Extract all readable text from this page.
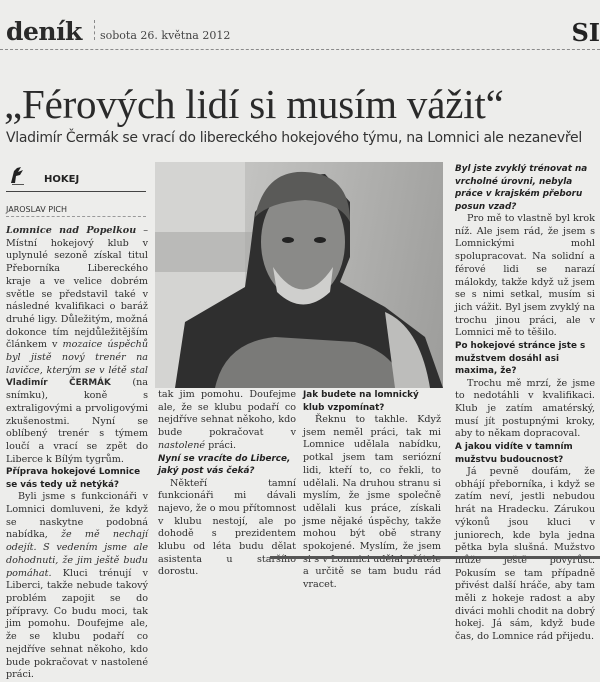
deník sobota 26. května 2012	SI
„Férových lidí si musím vážit“
Vladimír Čermák se vrací do libereckého hokejového týmu, na Lomnici ale nezanevřel
HOKEJ
JAROSLAV PICH

Lomnice nad Popelkou – Místní hokejový klub v uplynulé sezoně získal titul Přeborníka Libereckého kraje a ve velice dobrém světle se představil také v následné kvalifikaci o baráž druhé ligy. Důležitým, možná dokonce tím nejdůležitějším článkem v mozaice úspěchů byl jistě nový trenér na lavičce, kterým se v létě stal Vladimír ČERMÁK (na snímku), koně s extraligovými a prvoligovými zkušenostmi. Nyní se oblíbený trenér s týmem loučí a vrací se zpět do Liberce k Bílým tygrům.

Příprava hokejové Lomnice se vás tedy už netýká?

Byli jsme s funkcionáři v Lomnici domluveni, že když se naskytne podobná nabídka, že mě nechají odejít. S vedením jsme ale dohodnuti, že jim ještě budu pomáhat. Kluci trénují v Liberci, takže nebude takový problém zapojit se do přípravy. Co budu moci, tak jim pomohu. Doufejme ale, že se klubu podaří co nejdříve sehnat někoho, kdo bude pokračovat v nastolené práci.

tak jim pomohu. Doufejme ale, že se klubu podaří co nejdříve sehnat někoho, kdo bude pokračovat v nastolené práci.

Nyní se vracíte do Liberce, jaký post vás čeká?

Někteří tamní funkcionáři mi dávali najevo, že o mou přítomnost v klubu nestojí, ale po dohodě s prezidentem klubu od léta budu dělat asistenta u staršího dorostu.

Jak budete na lomnický klub vzpomínat?

Řeknu to takhle. Když jsem neměl práci, tak mi Lomnice udělala nabídku, potkal jsem tam seriózní lidi, kteří to, co řekli, to udělali. Na druhou stranu si myslím, že jsme společně udělali kus práce, získali jsme nějaké úspěchy, takže mohou být obě strany spokojené. Myslím, že jsem si s v Lomnici udělal přátele a určitě se tam budu rád vracet.

Byl jste zvyklý trénovat na vrcholné úrovni, nebyla práce v krajském přeboru posun vzad?

Pro mě to vlastně byl krok níž. Ale jsem rád, že jsem s Lomnickými mohl spolupracovat. Na solidní a férové lidi se narazí málokdy, takže když už jsem se s nimi setkal, musím si jich vážit. Byl jsem zvyklý na trochu jinou práci, ale v Lomnici mě to těšilo.

Po hokejové stránce jste s mužstvem dosáhl asi maxima, že?

Trochu mě mrzí, že jsme to nedotáhli v kvalifikaci. Klub je zatím amatérský, musí jít postupnými kroky, aby to někam dopracoval.

A jakou vidíte v tamním mužstvu budoucnost?

Já pevně doufám, že obhájí přeborníka, i když se zatím neví, jestli nebudou hrát na Hradecku. Zárukou výkonů jsou kluci v juniorech, kde byla jedna pětka byla slušná. Mužstvo může ještě povyrůst. Pokusím se tam případně přivést další hráče, aby tam měli z hokeje radost a aby diváci mohli chodit na dobrý hokej. Já sám, když bude čas, do Lomnice rád přijedu.
